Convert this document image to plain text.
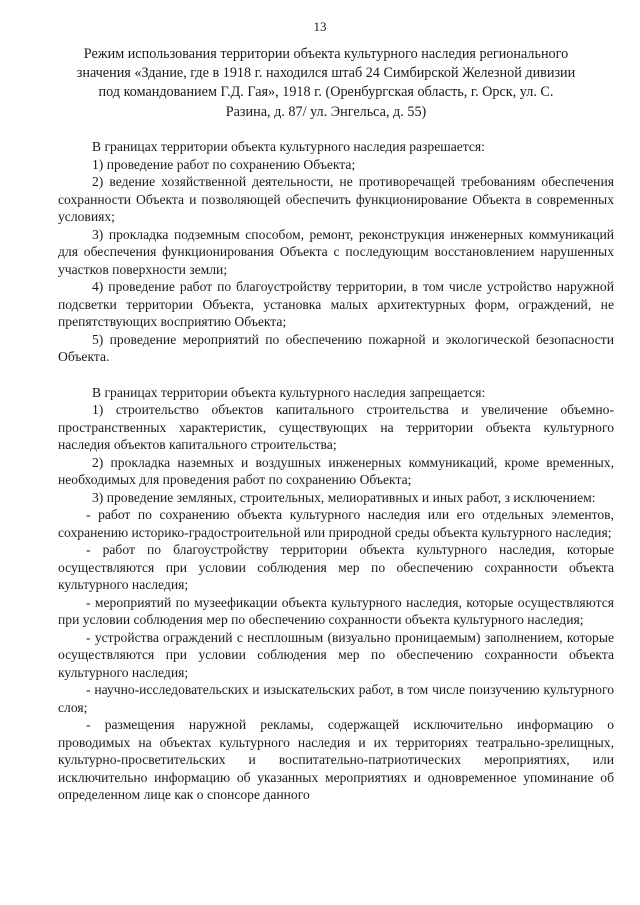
13
Режим использования территории объекта культурного наследия регионального
значения «Здание, где в 1918 г. находился штаб 24 Симбирской Железной дивизии
под командованием Г.Д. Гая», 1918 г. (Оренбургская область, г. Орск, ул. С.
Разина, д. 87/ ул. Энгельса, д. 55)

В границах территории объекта культурного наследия разрешается:

1) проведение работ по сохранению Объекта;

2) ведение хозяйственной деятельности, не противоречащей требованиям обеспечения сохранности Объекта и позволяющей обеспечить функционирование Объекта в современных условиях;

3) прокладка подземным способом, ремонт, реконструкция инженерных коммуникаций для обеспечения функционирования Объекта с последующим восстановлением нарушенных участков поверхности земли;

4) проведение работ по благоустройству территории, в том числе устройство наружной подсветки территории Объекта, установка малых архитектурных форм, ограждений, не препятствующих восприятию Объекта;

5) проведение мероприятий по обеспечению пожарной и экологической безопасности Объекта.

В границах территории объекта культурного наследия запрещается:

1) строительство объектов капитального строительства и увеличение объемно-пространственных характеристик, существующих на территории объекта культурного наследия объектов капитального строительства;

2) прокладка наземных и воздушных инженерных коммуникаций, кроме временных, необходимых для проведения работ по сохранению Объекта;

3) проведение земляных, строительных, мелиоративных и иных работ, з исключением:

- работ по сохранению объекта культурного наследия или его отдельных элементов, сохранению историко-градостроительной или природной среды объекта культурного наследия;

- работ по благоустройству территории объекта культурного наследия, которые осуществляются при условии соблюдения мер по обеспечению сохранности объекта культурного наследия;

- мероприятий по музеефикации объекта культурного наследия, которые осуществляются при условии соблюдения мер по обеспечению сохранности объекта культурного наследия;

- устройства ограждений с несплошным (визуально проницаемым) заполнением, которые осуществляются при условии соблюдения мер по обеспечению сохранности объекта культурного наследия;

- научно-исследовательских и изыскательских работ, в том числе поизучению культурного слоя;

- размещения наружной рекламы, содержащей исключительно информацию о проводимых на объектах культурного наследия и их территориях театрально-зрелищных, культурно-просветительских и воспитательно-патриотических мероприятиях, или исключительно информацию об указанных мероприятиях и одновременное упоминание об определенном лице как о спонсоре данного
